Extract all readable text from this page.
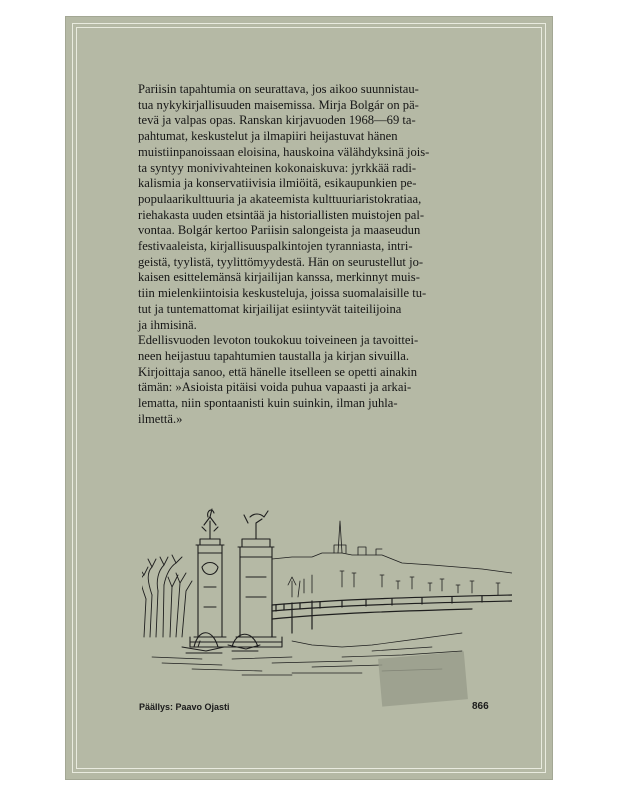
Pariisin tapahtumia on seurattava, jos aikoo suunnistau-
tua nykykirjallisuuden maisemissa. Mirja Bolgár on pä-
tevä ja valpas opas. Ranskan kirjavuoden 1968—69 ta-
pahtumat, keskustelut ja ilmapiiri heijastuvat hänen
muistiinpanoissaan eloisina, hauskoina välähdyksinä jois-
ta syntyy monivivahteinen kokonaiskuva: jyrkkää radi-
kalismia ja konservatiivisia ilmiöitä, esikaupunkien pe-
populaarikulttuuria ja akateemista kulttuuriaristokratiaa,
riehakasta uuden etsintää ja historiallisten muistojen pal-
vontaa. Bolgár kertoo Pariisin salongeista ja maaseudun
festivaaleista, kirjallisuuspalkintojen tyranniasta, intri-
geistä, tyylistä, tyylittömyydestä. Hän on seurustellut jo-
kaisen esittelemänsä kirjailijan kanssa, merkinnyt muis-
tiin mielenkiintoisia keskusteluja, joissa suomalaisille tu-
tut ja tuntemattomat kirjailijat esiintyvät taiteilijoina
ja ihmisinä.

Edellisvuoden levoton toukokuu toiveineen ja tavoittei-
neen heijastuu tapahtumien taustalla ja kirjan sivuilla.
Kirjoittaja sanoo, että hänelle itselleen se opetti ainakin
tämän: »Asioista pitäisi voida puhua vapaasti ja arkai-
lematta, niin spontaanisti kuin suinkin, ilman juhla-
ilmettä.»

Päällys: Paavo Ojasti	866
